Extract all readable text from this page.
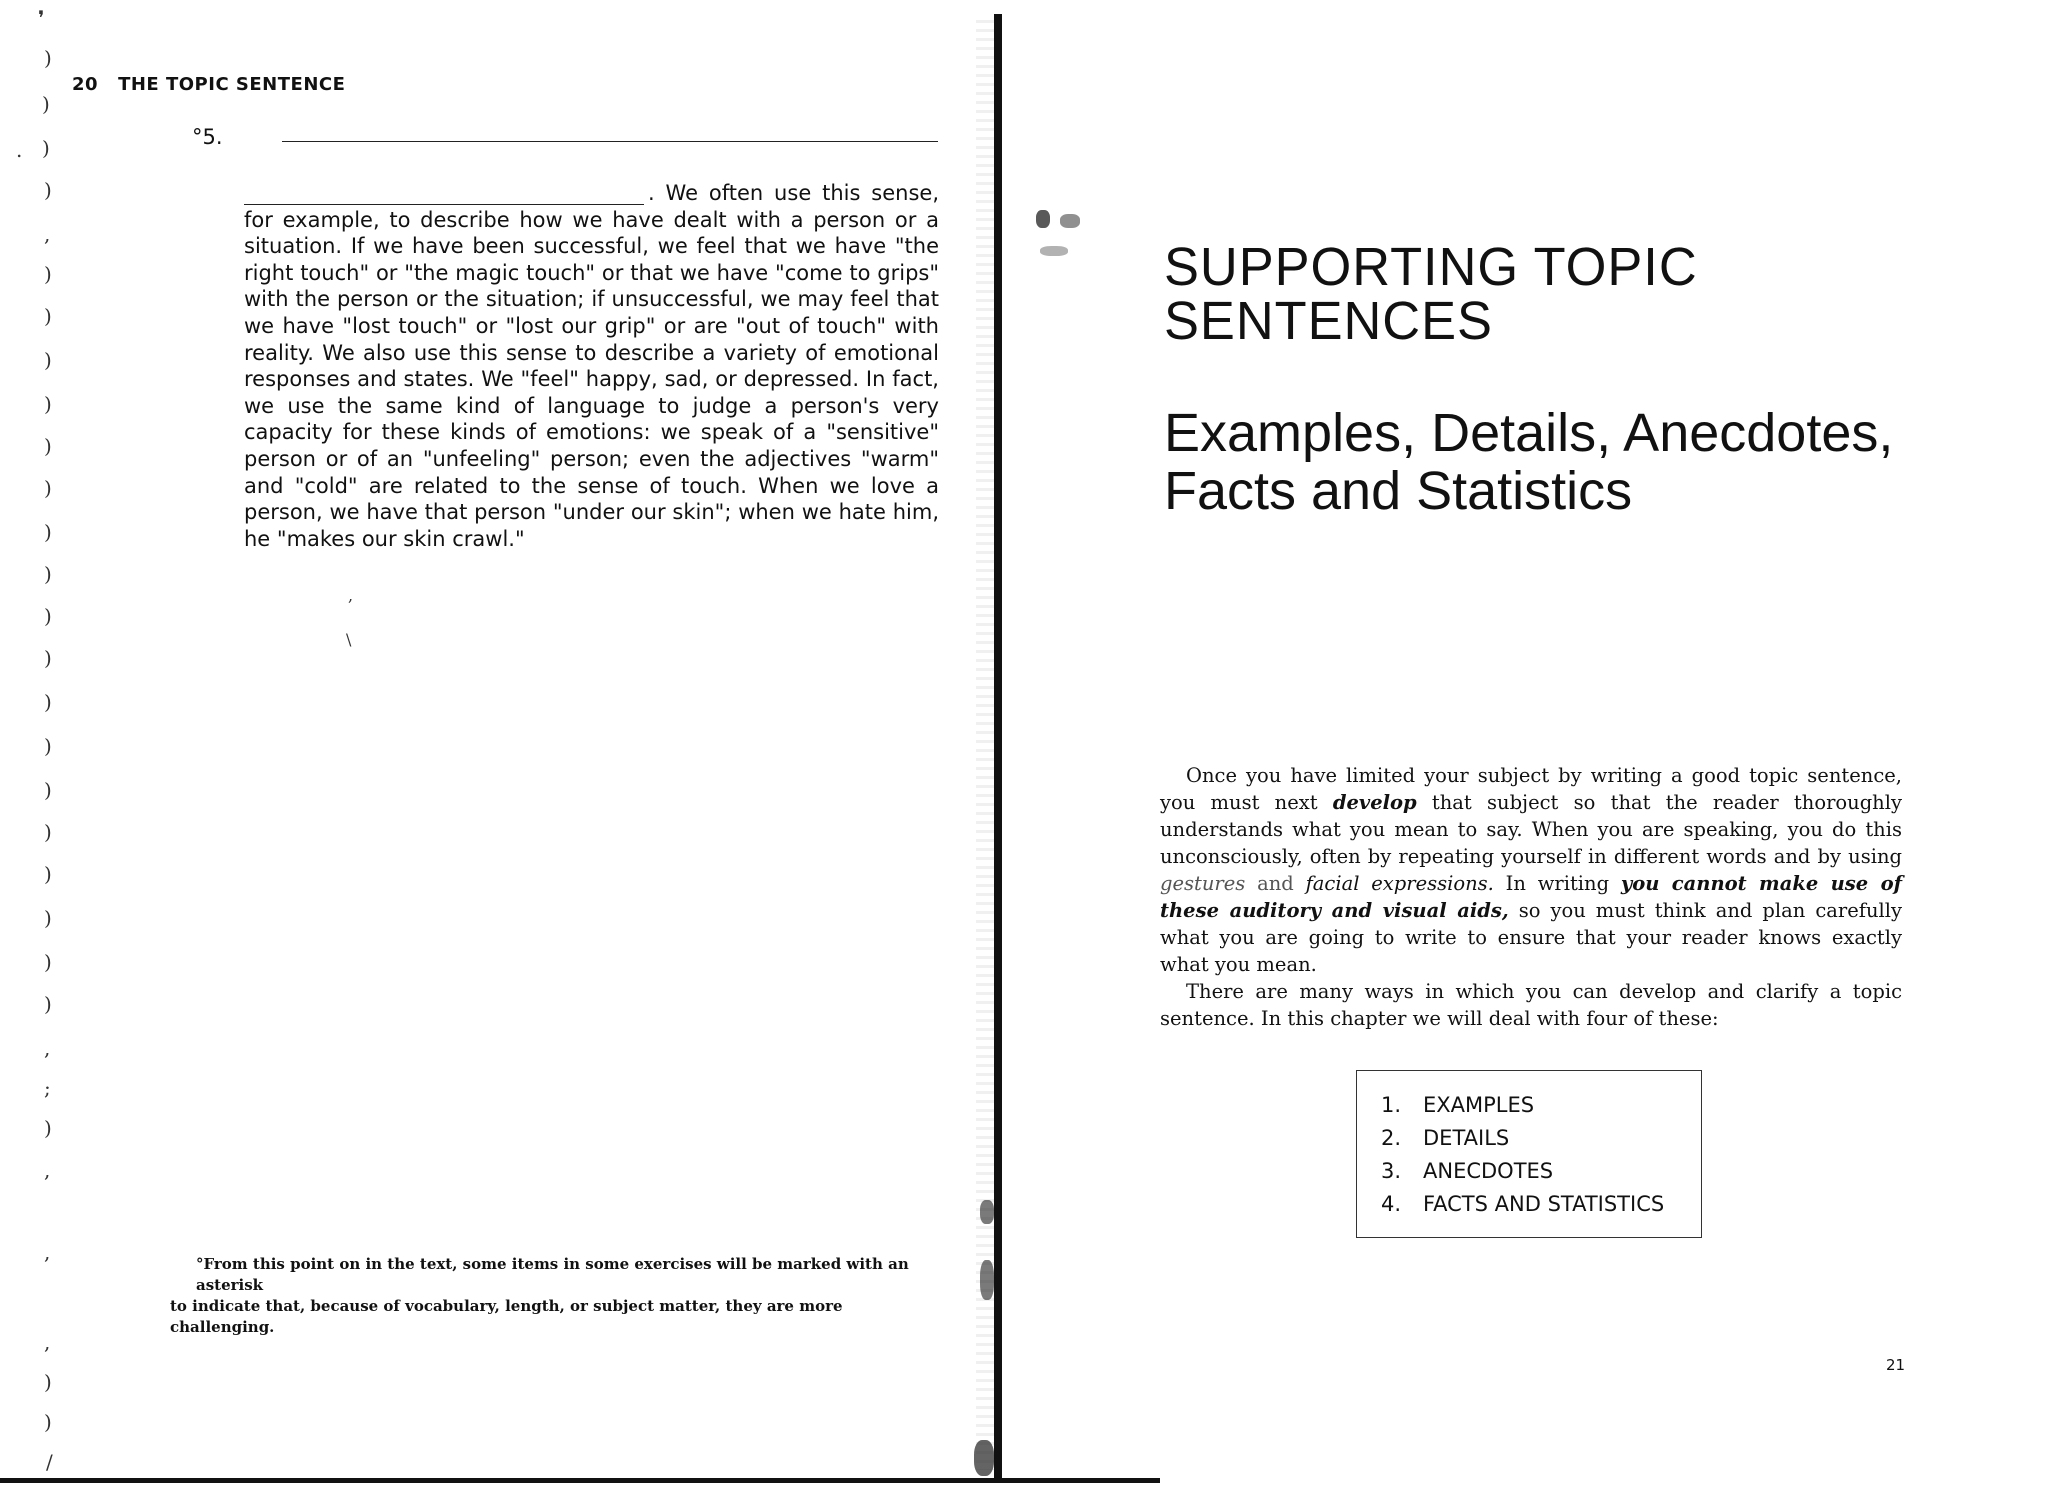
❜
)
)
. )
)
,
)
)
)
)
)
)
)
)
)
)
)
)
)
)
)
)
)
)
,
;
)
,
,
,
)
)
/
,
\
20 THE TOPIC SENTENCE
°5.

. We often use this sense, for example, to describe how we have dealt with a person or a situation. If we have been successful, we feel that we have "the right touch" or "the magic touch" or that we have "come to grips" with the person or the situation; if unsuccessful, we may feel that we have "lost touch" or "lost our grip" or are "out of touch" with reality. We also use this sense to describe a variety of emotional responses and states. We "feel" happy, sad, or depressed. In fact, we use the same kind of language to judge a person's very capacity for these kinds of emotions: we speak of a "sensitive" person or of an "unfeeling" person; even the adjectives "warm" and "cold" are related to the sense of touch. When we love a person, we have that person "under our skin"; when we hate him, he "makes our skin crawl."

°From this point on in the text, some items in some exercises will be marked with an asterisk
to indicate that, because of vocabulary, length, or subject matter, they are more challenging.

SUPPORTING TOPIC
SENTENCES
Examples, Details, Anecdotes,
Facts and Statistics

Once you have limited your subject by writing a good topic sentence, you must next develop that subject so that the reader thoroughly understands what you mean to say. When you are speaking, you do this unconsciously, often by repeating yourself in different words and by using gestures and facial expressions. In writing you cannot make use of these auditory and visual aids, so you must think and plan carefully what you are going to write to ensure that your reader knows exactly what you mean.

There are many ways in which you can develop and clarify a topic sentence. In this chapter we will deal with four of these:

1.	EXAMPLES
2.	DETAILS
3.	ANECDOTES
4.	FACTS AND STATISTICS
21
